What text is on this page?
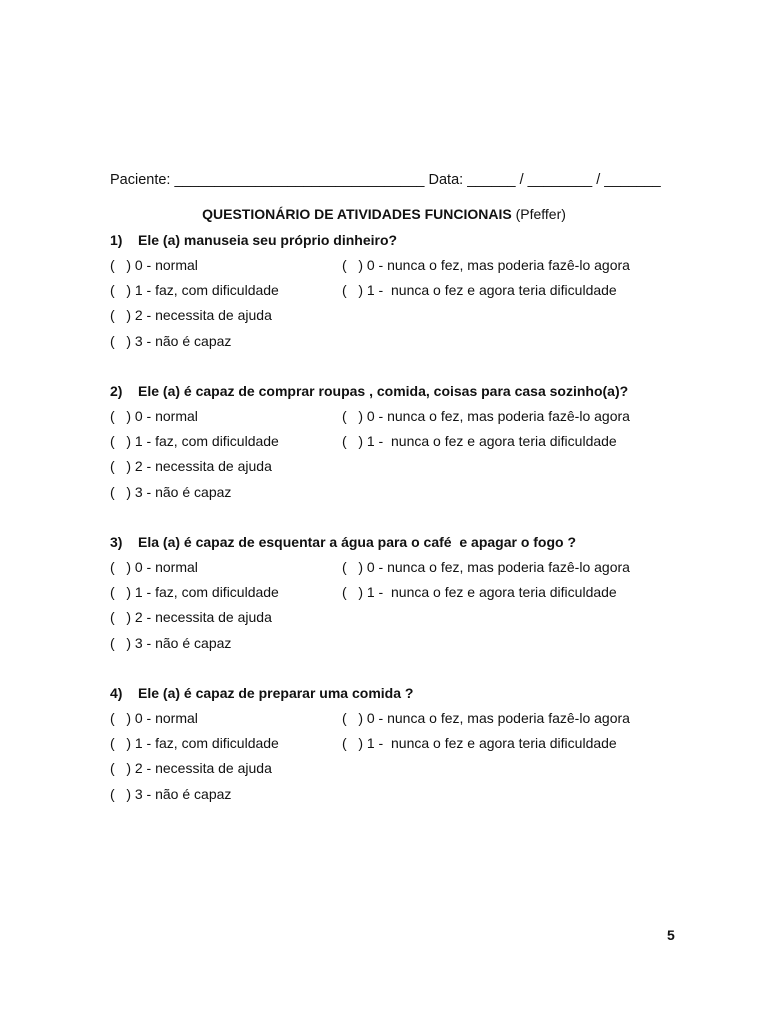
Paciente: _______________________________ Data: ______ / ________ / _______
QUESTIONÁRIO DE ATIVIDADES FUNCIONAIS (Pfeffer)

1)

Ele (a) manuseia seu próprio dinheiro?

(   ) 0 - normal

	(   ) 0 - nunca o fez, mas poderia fazê-lo agora

(   ) 1 - faz, com dificuldade

	(   ) 1 -  nunca o fez e agora teria dificuldade

(   ) 2 - necessita de ajuda

(   ) 3 - não é capaz

2)

Ele (a) é capaz de comprar roupas , comida, coisas para casa sozinho(a)?

(   ) 0 - normal

	(   ) 0 - nunca o fez, mas poderia fazê-lo agora

(   ) 1 - faz, com dificuldade

	(   ) 1 -  nunca o fez e agora teria dificuldade

(   ) 2 - necessita de ajuda

(   ) 3 - não é capaz

3)

Ela (a) é capaz de esquentar a água para o café  e apagar o fogo ?

(   ) 0 - normal

	(   ) 0 - nunca o fez, mas poderia fazê-lo agora

(   ) 1 - faz, com dificuldade

	(   ) 1 -  nunca o fez e agora teria dificuldade

(   ) 2 - necessita de ajuda

(   ) 3 - não é capaz

4)

Ele (a) é capaz de preparar uma comida ?

(   ) 0 - normal

	(   ) 0 - nunca o fez, mas poderia fazê-lo agora

(   ) 1 - faz, com dificuldade

	(   ) 1 -  nunca o fez e agora teria dificuldade

(   ) 2 - necessita de ajuda

(   ) 3 - não é capaz

5
